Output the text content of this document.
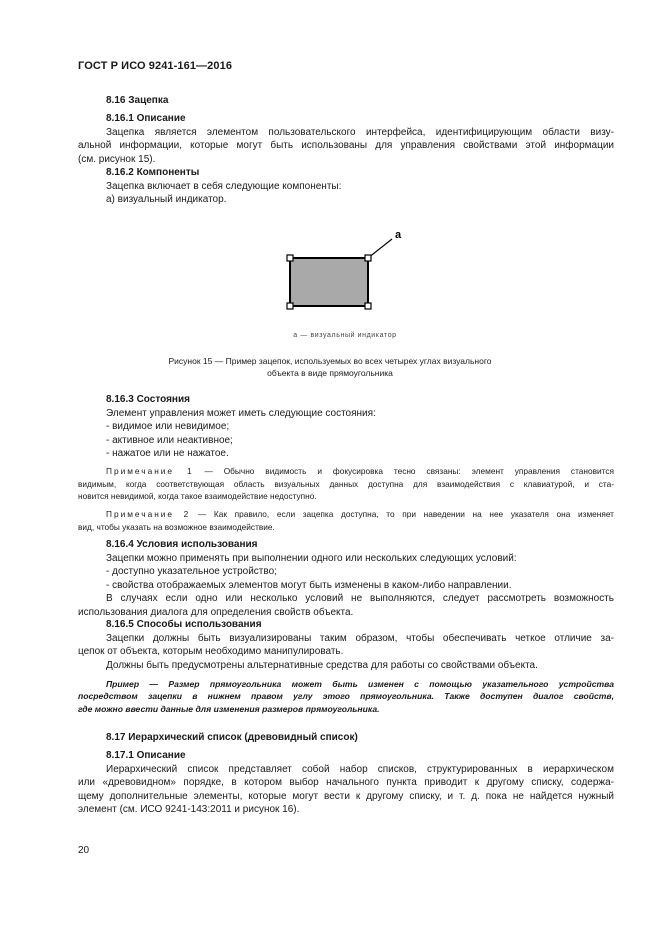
ГОСТ Р ИСО 9241-161—2016
8.16 Зацепка
8.16.1 Описание
Зацепка является элементом пользовательского интерфейса, идентифицирующим области визу-
альной информации, которые могут быть использованы для управления свойствами этой информации
(см. рисунок 15).
8.16.2 Компоненты
Зацепка включает в себя следующие компоненты:
а) визуальный индикатор.
a
a — визуальный индикатор
Рисунок 15 — Пример зацепок, используемых во всех четырех углах визуального
объекта в виде прямоугольника
8.16.3 Состояния
Элемент управления может иметь следующие состояния:
- видимое или невидимое;
- активное или неактивное;
- нажатое или не нажатое.
Примечание 1 — Обычно видимость и фокусировка тесно связаны: элемент управления становится
видимым, когда соответствующая область визуальных данных доступна для взаимодействия с клавиатурой, и ста-
новится невидимой, когда такое взаимодействие недоступно.
Примечание 2 — Как правило, если зацепка доступна, то при наведении на нее указателя она изменяет
вид, чтобы указать на возможное взаимодействие.
8.16.4 Условия использования
Зацепки можно применять при выполнении одного или нескольких следующих условий:
- доступно указательное устройство;
- свойства отображаемых элементов могут быть изменены в каком-либо направлении.
В случаях если одно или несколько условий не выполняются, следует рассмотреть возможность
использования диалога для определения свойств объекта.
8.16.5 Способы использования
Зацепки должны быть визуализированы таким образом, чтобы обеспечивать четкое отличие за-
цепок от объекта, которым необходимо манипулировать.
Должны быть предусмотрены альтернативные средства для работы со свойствами объекта.
Пример — Размер прямоугольника может быть изменен с помощью указательного устройства
посредством зацепки в нижнем правом углу этого прямоугольника. Также доступен диалог свойств,
где можно ввести данные для изменения размеров прямоугольника.
8.17 Иерархический список (древовидный список)
8.17.1 Описание
Иерархический список представляет собой набор списков, структурированных в иерархическом
или «древовидном» порядке, в котором выбор начального пункта приводит к другому списку, содержа-
щему дополнительные элементы, которые могут вести к другому списку, и т. д. пока не найдется нужный
элемент (см. ИСО 9241-143:2011 и рисунок 16).
20
